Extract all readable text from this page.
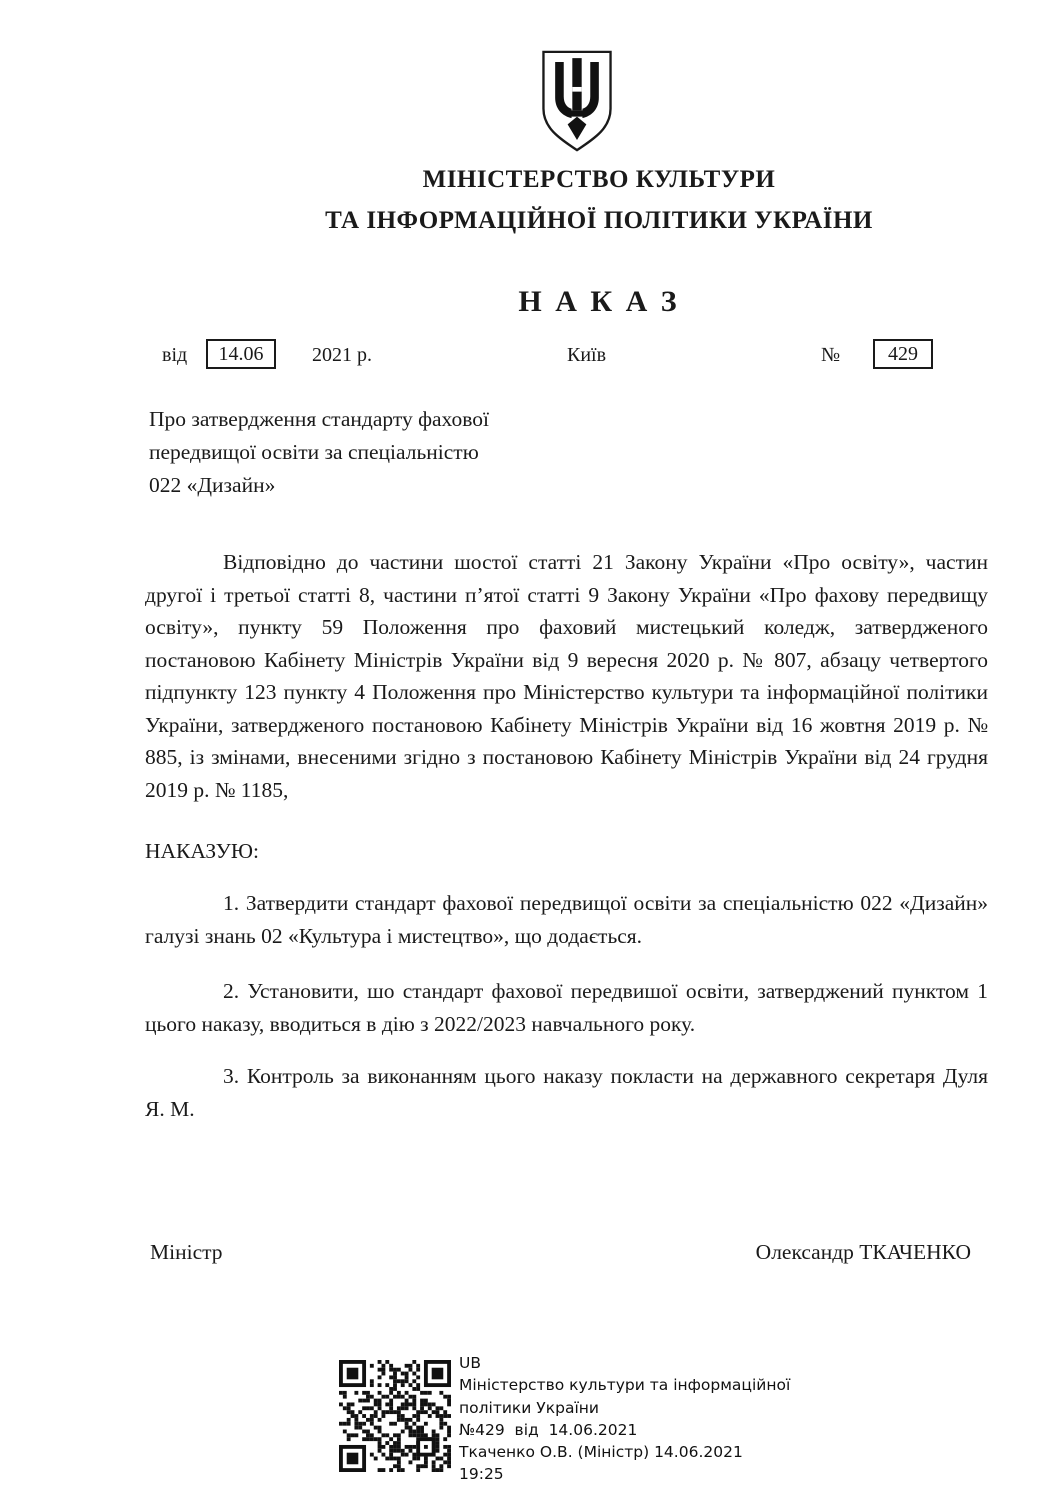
МІНІСТЕРСТВО КУЛЬТУРИ
ТА ІНФОРМАЦІЙНОЇ ПОЛІТИКИ УКРАЇНИ
Н А К А З
від	14.06	2021 р.	Київ	№	429
Про затвердження стандарту фахової
передвищої освіти за спеціальністю
022 «Дизайн»
Відповідно до частини шостої статті 21 Закону України «Про освіту», частин другої і третьої статті 8, частини п’ятої статті 9 Закону України «Про фахову передвищу освіту», пункту 59 Положення про фаховий мистецький коледж, затвердженого постановою Кабінету Міністрів України від 9 вересня 2020 р. № 807, абзацу четвертого підпункту 123 пункту 4 Положення про Міністерство культури та інформаційної політики України, затвердженого постановою Кабінету Міністрів України від 16 жовтня 2019 р. № 885, із змінами, внесеними згідно з постановою Кабінету Міністрів України від 24 грудня 2019 р. № 1185,
НАКАЗУЮ:
1. Затвердити стандарт фахової передвищої освіти за спеціальністю 022 «Дизайн» галузі знань 02 «Культура і мистецтво», що додається.
2. Установити, шо стандарт фахової передвишої освіти, затверджений пунктом 1 цього наказу, вводиться в дію з 2022/2023 навчального року.
3. Контроль за виконанням цього наказу покласти на державного секретаря Дуля Я. М.
Міністр	Олександр ТКАЧЕНКО
UB
Міністерство культури та інформаційної
політики України
№429  від  14.06.2021
Ткаченко О.В. (Міністр) 14.06.2021
19:25
